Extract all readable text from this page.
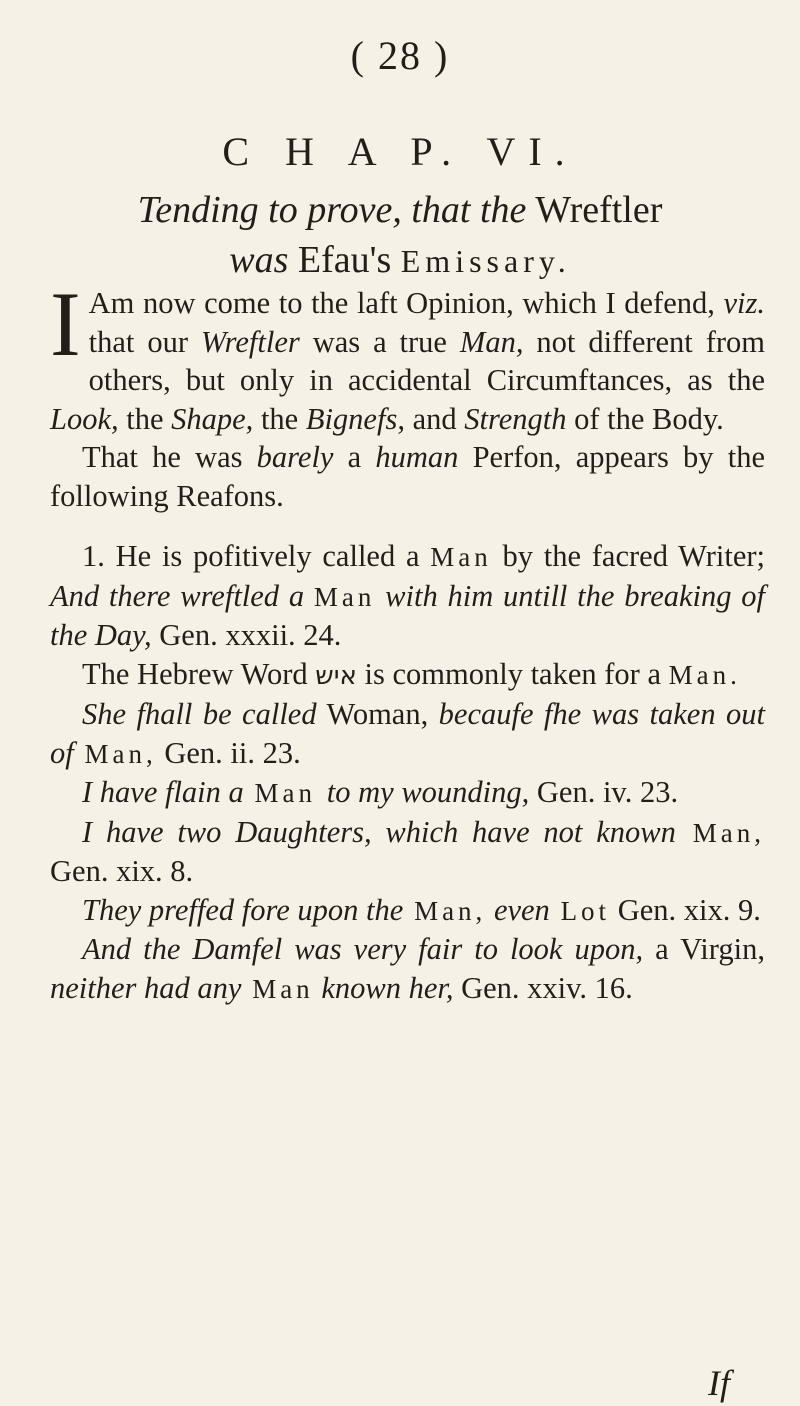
( 28 )
C H A P. VI.
Tending to prove, that the Wreftler
was Efau's Emissary.

I Am now come to the laft Opinion, which I defend, viz. that our Wreftler was a true Man, not different from others, but only in accidental Circumftances, as the Look, the Shape, the Bignefs, and Strength of the Body.

That he was barely a human Perfon, appears by the following Reafons.

1. He is pofitively called a Man by the facred Writer; And there wreftled a Man with him untill the breaking of the Day, Gen. xxxii. 24.

The Hebrew Word איש is commonly taken for a Man.

She fhall be called Woman, becaufe fhe was taken out of Man, Gen. ii. 23.

I have flain a Man to my wounding, Gen. iv. 23.

I have two Daughters, which have not known Man, Gen. xix. 8.

They preffed fore upon the Man, even Lot Gen. xix. 9.

And the Damfel was very fair to look upon, a Virgin, neither had any Man known her, Gen. xxiv. 16.

If
